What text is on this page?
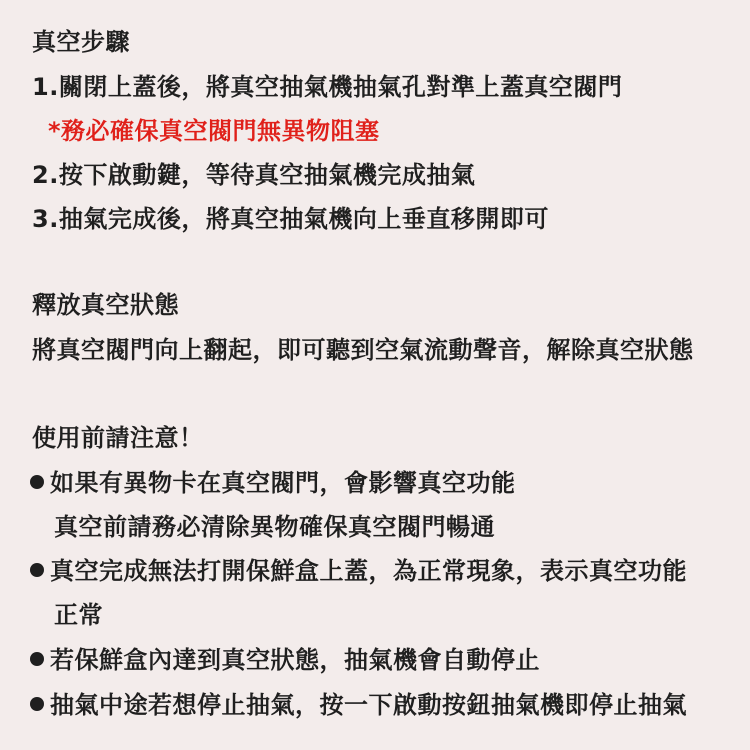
真空步驟
1.關閉上蓋後，將真空抽氣機抽氣孔對準上蓋真空閥門
*務必確保真空閥門無異物阻塞
2.按下啟動鍵，等待真空抽氣機完成抽氣
3.抽氣完成後，將真空抽氣機向上垂直移開即可
釋放真空狀態
將真空閥門向上翻起，即可聽到空氣流動聲音，解除真空狀態
使用前請注意！
如果有異物卡在真空閥門，會影響真空功能
真空前請務必清除異物確保真空閥門暢通
真空完成無法打開保鮮盒上蓋，為正常現象，表示真空功能
正常
若保鮮盒內達到真空狀態，抽氣機會自動停止
抽氣中途若想停止抽氣，按一下啟動按鈕抽氣機即停止抽氣
